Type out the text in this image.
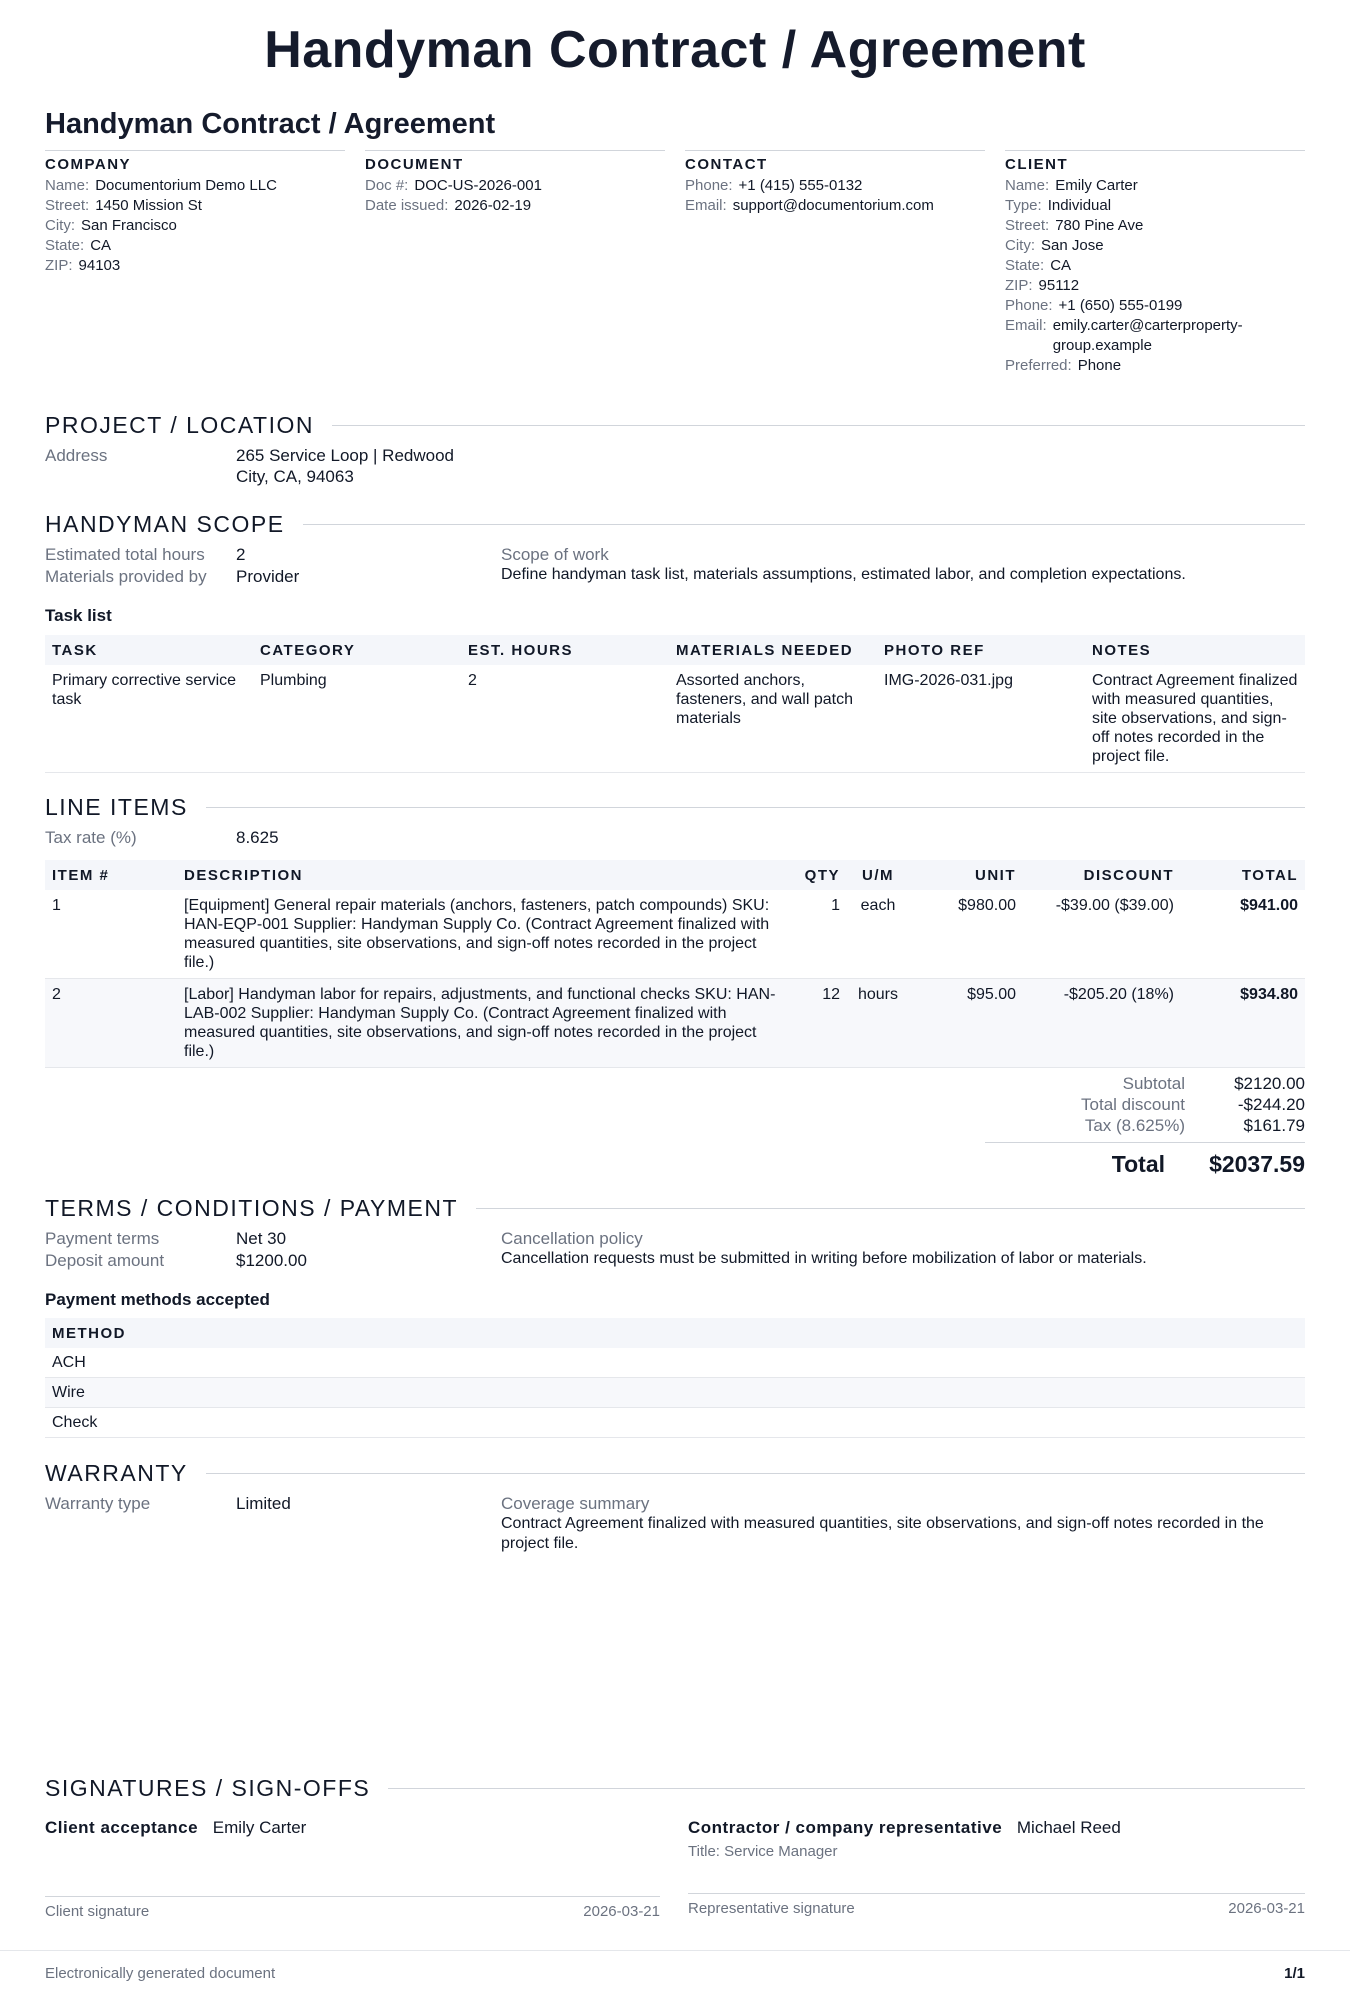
Handyman Contract / Agreement
Handyman Contract / Agreement
COMPANY
Name: Documentorium Demo LLC
Street: 1450 Mission St
City: San Francisco
State: CA
ZIP: 94103
DOCUMENT
Doc #: DOC-US-2026-001
Date issued: 2026-02-19
CONTACT
Phone: +1 (415) 555-0132
Email: support@documentorium.com
CLIENT
Name: Emily Carter
Type: Individual
Street: 780 Pine Ave
City: San Jose
State: CA
ZIP: 95112
Phone: +1 (650) 555-0199
Email: emily.carter@carterproperty-group.example
Preferred: Phone
PROJECT / LOCATION
Address	265 Service Loop | Redwood
City, CA, 94063
HANDYMAN SCOPE
Estimated total hours	2
Materials provided by	Provider
Scope of work
Define handyman task list, materials assumptions, estimated labor, and completion expectations.
Task list
TASK	CATEGORY	EST. HOURS	MATERIALS NEEDED	PHOTO REF	NOTES
Primary corrective service task	Plumbing	2	Assorted anchors, fasteners, and wall patch materials	IMG-2026-031.jpg	Contract Agreement finalized with measured quantities, site observations, and sign-off notes recorded in the project file.
LINE ITEMS
Tax rate (%)	8.625
ITEM #	DESCRIPTION	QTY	U/M	UNIT	DISCOUNT	TOTAL
1	[Equipment] General repair materials (anchors, fasteners, patch compounds) SKU: HAN-EQP-001 Supplier: Handyman Supply Co. (Contract Agreement finalized with measured quantities, site observations, and sign-off notes recorded in the project file.)	1	each	$980.00	-$39.00 ($39.00)	$941.00
2	[Labor] Handyman labor for repairs, adjustments, and functional checks SKU: HAN-LAB-002 Supplier: Handyman Supply Co. (Contract Agreement finalized with measured quantities, site observations, and sign-off notes recorded in the project file.)	12	hours	$95.00	-$205.20 (18%)	$934.80
Subtotal	$2120.00
Total discount	-$244.20
Tax (8.625%)	$161.79
Total	$2037.59
TERMS / CONDITIONS / PAYMENT
Payment terms	Net 30
Deposit amount	$1200.00
Cancellation policy
Cancellation requests must be submitted in writing before mobilization of labor or materials.
Payment methods accepted
METHOD
ACH
Wire
Check
WARRANTY
Warranty type	Limited	Coverage summary
Contract Agreement finalized with measured quantities, site observations, and sign-off notes recorded in the project file.
SIGNATURES / SIGN-OFFS
Client acceptance Emily Carter
Client signature	2026-03-21
Contractor / company representative Michael Reed
Title: Service Manager
Representative signature	2026-03-21
Electronically generated document	1/1
